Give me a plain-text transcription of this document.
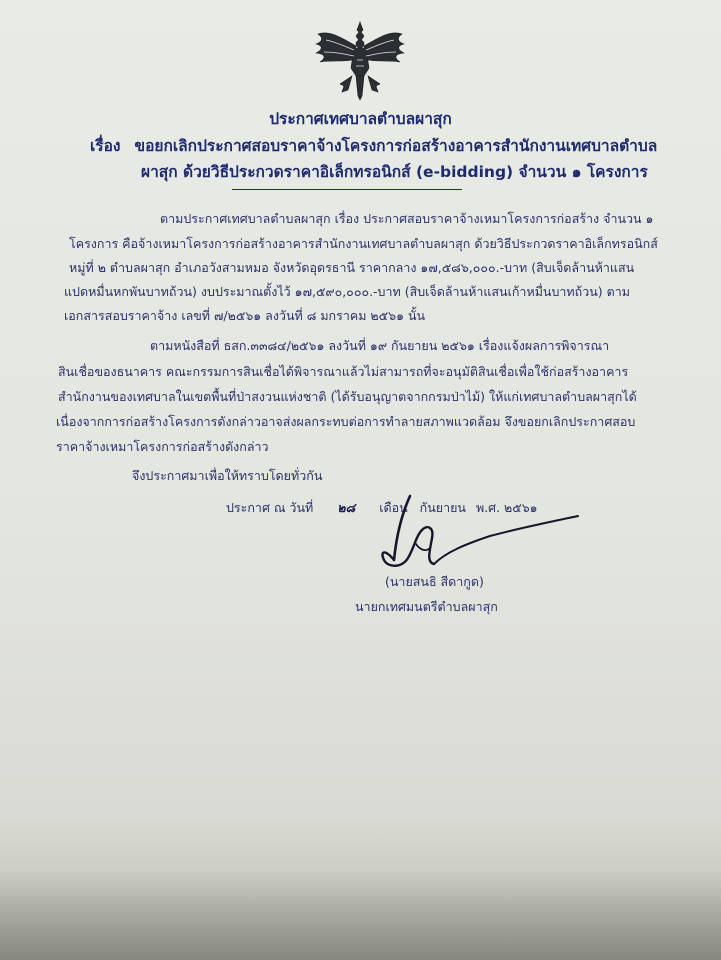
ประกาศเทศบาลตำบลผาสุก
เรื่อง ขอยกเลิกประกาศสอบราคาจ้างโครงการก่อสร้างอาคารสำนักงานเทศบาลตำบล
ผาสุก ด้วยวิธีประกวดราคาอิเล็กทรอนิกส์ (e-bidding) จำนวน ๑ โครงการ
ตามประกาศเทศบาลตำบลผาสุก เรื่อง ประกาศสอบราคาจ้างเหมาโครงการก่อสร้าง จำนวน ๑
โครงการ คือจ้างเหมาโครงการก่อสร้างอาคารสำนักงานเทศบาลตำบลผาสุก ด้วยวิธีประกวดราคาอิเล็กทรอนิกส์
หมู่ที่ ๒ ตำบลผาสุก อำเภอวังสามหมอ จังหวัดอุดรธานี ราคากลาง ๑๗,๕๘๖,๐๐๐.-บาท (สิบเจ็ดล้านห้าแสน
แปดหมื่นหกพันบาทถ้วน) งบประมาณตั้งไว้ ๑๗,๕๙๐,๐๐๐.-บาท (สิบเจ็ดล้านห้าแสนเก้าหมื่นบาทถ้วน) ตาม
เอกสารสอบราคาจ้าง เลขที่ ๗/๒๕๖๑ ลงวันที่ ๘ มกราคม ๒๕๖๑ นั้น
ตามหนังสือที่ ธสก.๓๓๘๔/๒๕๖๑ ลงวันที่ ๑๙ กันยายน ๒๕๖๑ เรื่องแจ้งผลการพิจารณา
สินเชื่อของธนาคาร คณะกรรมการสินเชื่อได้พิจารณาแล้วไม่สามารถที่จะอนุมัติสินเชื่อเพื่อใช้ก่อสร้างอาคาร
สำนักงานของเทศบาลในเขตพื้นที่ป่าสงวนแห่งชาติ (ได้รับอนุญาตจากกรมป่าไม้) ให้แก่เทศบาลตำบลผาสุกได้
เนื่องจากการก่อสร้างโครงการดังกล่าวอาจส่งผลกระทบต่อการทำลายสภาพแวดล้อม จึงขอยกเลิกประกาศสอบ
ราคาจ้างเหมาโครงการก่อสร้างดังกล่าว
จึงประกาศมาเพื่อให้ทราบโดยทั่วกัน
ประกาศ ณ วันที่ ๒๘ เดือน กันยายน พ.ศ. ๒๕๖๑
(นายสนธิ สีดากูด)
นายกเทศมนตรีตำบลผาสุก
